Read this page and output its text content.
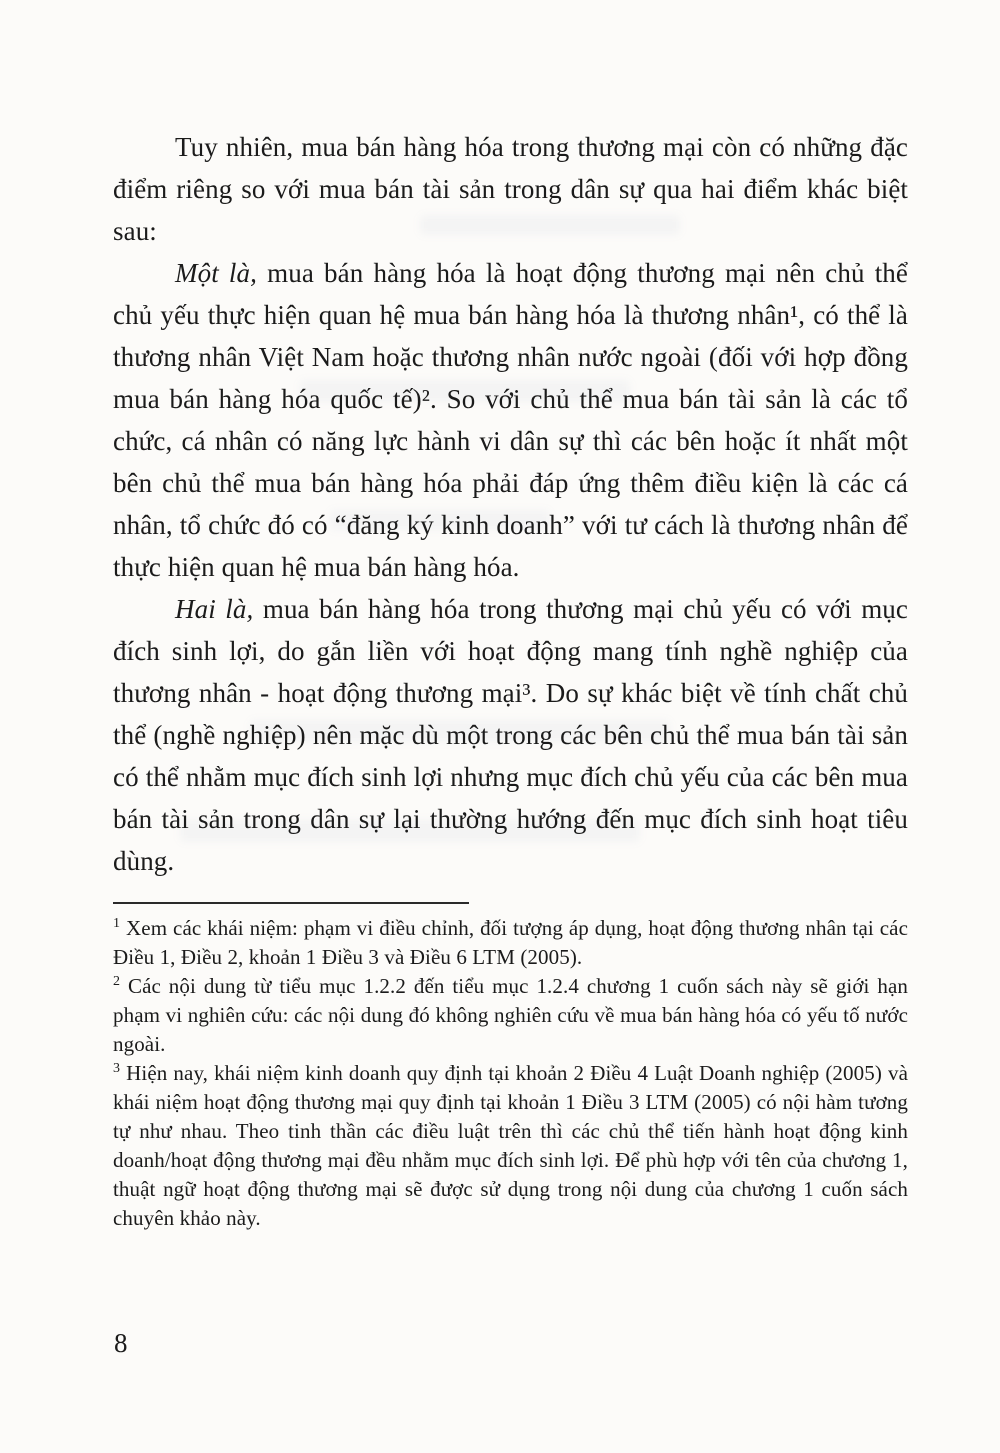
Tuy nhiên, mua bán hàng hóa trong thương mại còn có những đặc điểm riêng so với mua bán tài sản trong dân sự qua hai điểm khác biệt sau:

Một là, mua bán hàng hóa là hoạt động thương mại nên chủ thể chủ yếu thực hiện quan hệ mua bán hàng hóa là thương nhân¹, có thể là thương nhân Việt Nam hoặc thương nhân nước ngoài (đối với hợp đồng mua bán hàng hóa quốc tế)². So với chủ thể mua bán tài sản là các tổ chức, cá nhân có năng lực hành vi dân sự thì các bên hoặc ít nhất một bên chủ thể mua bán hàng hóa phải đáp ứng thêm điều kiện là các cá nhân, tổ chức đó có “đăng ký kinh doanh” với tư cách là thương nhân để thực hiện quan hệ mua bán hàng hóa.

Hai là, mua bán hàng hóa trong thương mại chủ yếu có với mục đích sinh lợi, do gắn liền với hoạt động mang tính nghề nghiệp của thương nhân - hoạt động thương mại³. Do sự khác biệt về tính chất chủ thể (nghề nghiệp) nên mặc dù một trong các bên chủ thể mua bán tài sản có thể nhằm mục đích sinh lợi nhưng mục đích chủ yếu của các bên mua bán tài sản trong dân sự lại thường hướng đến mục đích sinh hoạt tiêu dùng.

$^1$ Xem các khái niệm: phạm vi điều chỉnh, đối tượng áp dụng, hoạt động thương nhân tại các Điều 1, Điều 2, khoản 1 Điều 3 và Điều 6 LTM (2005).

$^2$ Các nội dung từ tiểu mục 1.2.2 đến tiểu mục 1.2.4 chương 1 cuốn sách này sẽ giới hạn phạm vi nghiên cứu: các nội dung đó không nghiên cứu về mua bán hàng hóa có yếu tố nước ngoài.

$^3$ Hiện nay, khái niệm kinh doanh quy định tại khoản 2 Điều 4 Luật Doanh nghiệp (2005) và khái niệm hoạt động thương mại quy định tại khoản 1 Điều 3 LTM (2005) có nội hàm tương tự như nhau. Theo tinh thần các điều luật trên thì các chủ thể tiến hành hoạt động kinh doanh/hoạt động thương mại đều nhằm mục đích sinh lợi. Để phù hợp với tên của chương 1, thuật ngữ hoạt động thương mại sẽ được sử dụng trong nội dung của chương 1 cuốn sách chuyên khảo này.

8
